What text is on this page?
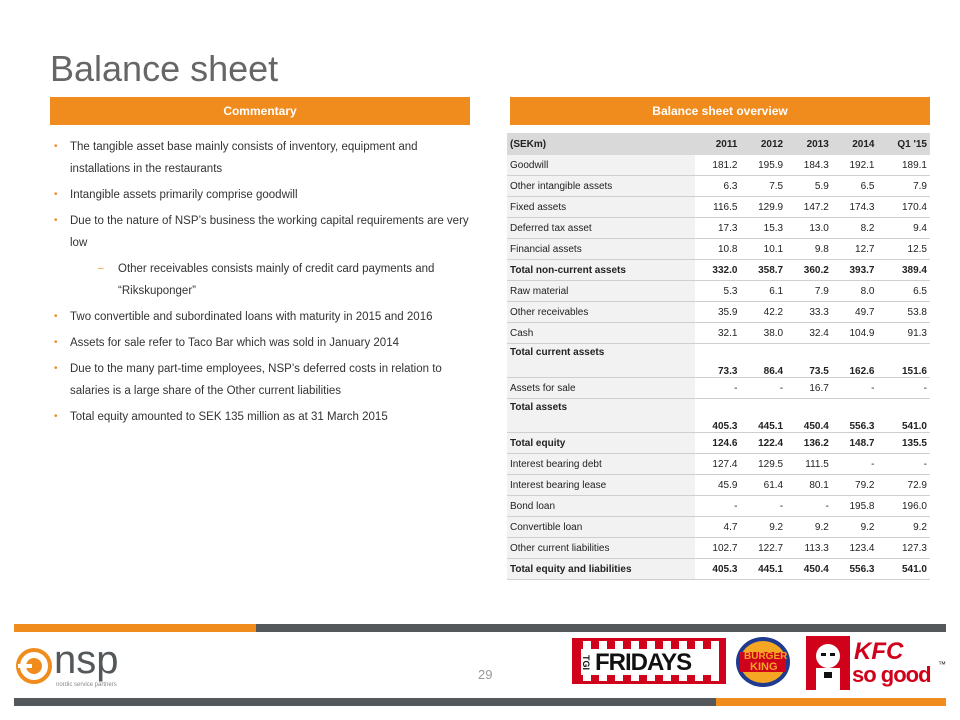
Balance sheet
Commentary	Balance sheet overview
• The tangible asset base mainly consists of inventory, equipment and installations in the restaurants
• Intangible assets primarily comprise goodwill
• Due to the nature of NSP’s business the working capital requirements are very low
– Other receivables consists mainly of credit card payments and “Rikskuponger”
• Two convertible and subordinated loans with maturity in 2015 and 2016
• Assets for sale refer to Taco Bar which was sold in January 2014
• Due to the many part-time employees, NSP’s deferred costs in relation to salaries is a large share of the Other current liabilities
• Total equity amounted to SEK 135 million as at 31 March 2015
(SEKm)	2011	2012	2013	2014	Q1 '15
Goodwill	181.2	195.9	184.3	192.1	189.1
Other intangible assets	6.3	7.5	5.9	6.5	7.9
Fixed assets	116.5	129.9	147.2	174.3	170.4
Deferred tax asset	17.3	15.3	13.0	8.2	9.4
Financial assets	10.8	10.1	9.8	12.7	12.5
Total non-current assets	332.0	358.7	360.2	393.7	389.4
Raw material	5.3	6.1	7.9	8.0	6.5
Other receivables	35.9	42.2	33.3	49.7	53.8
Cash	32.1	38.0	32.4	104.9	91.3
Total current assets	73.3	86.4	73.5	162.6	151.6
Assets for sale	-	-	16.7	-	-
Total assets	405.3	445.1	450.4	556.3	541.0
Total equity	124.6	122.4	136.2	148.7	135.5
Interest bearing debt	127.4	129.5	111.5	-	-
Interest bearing lease	45.9	61.4	80.1	79.2	72.9
Bond loan	-	-	-	195.8	196.0
Convertible loan	4.7	9.2	9.2	9.2	9.2
Other current liabilities	102.7	122.7	113.3	123.4	127.3
Total equity and liabilities	405.3	445.1	450.4	556.3	541.0
nsp
nordic service partners
29
TGI FRIDAYS	BURGER
KING
KFC
so good ™
